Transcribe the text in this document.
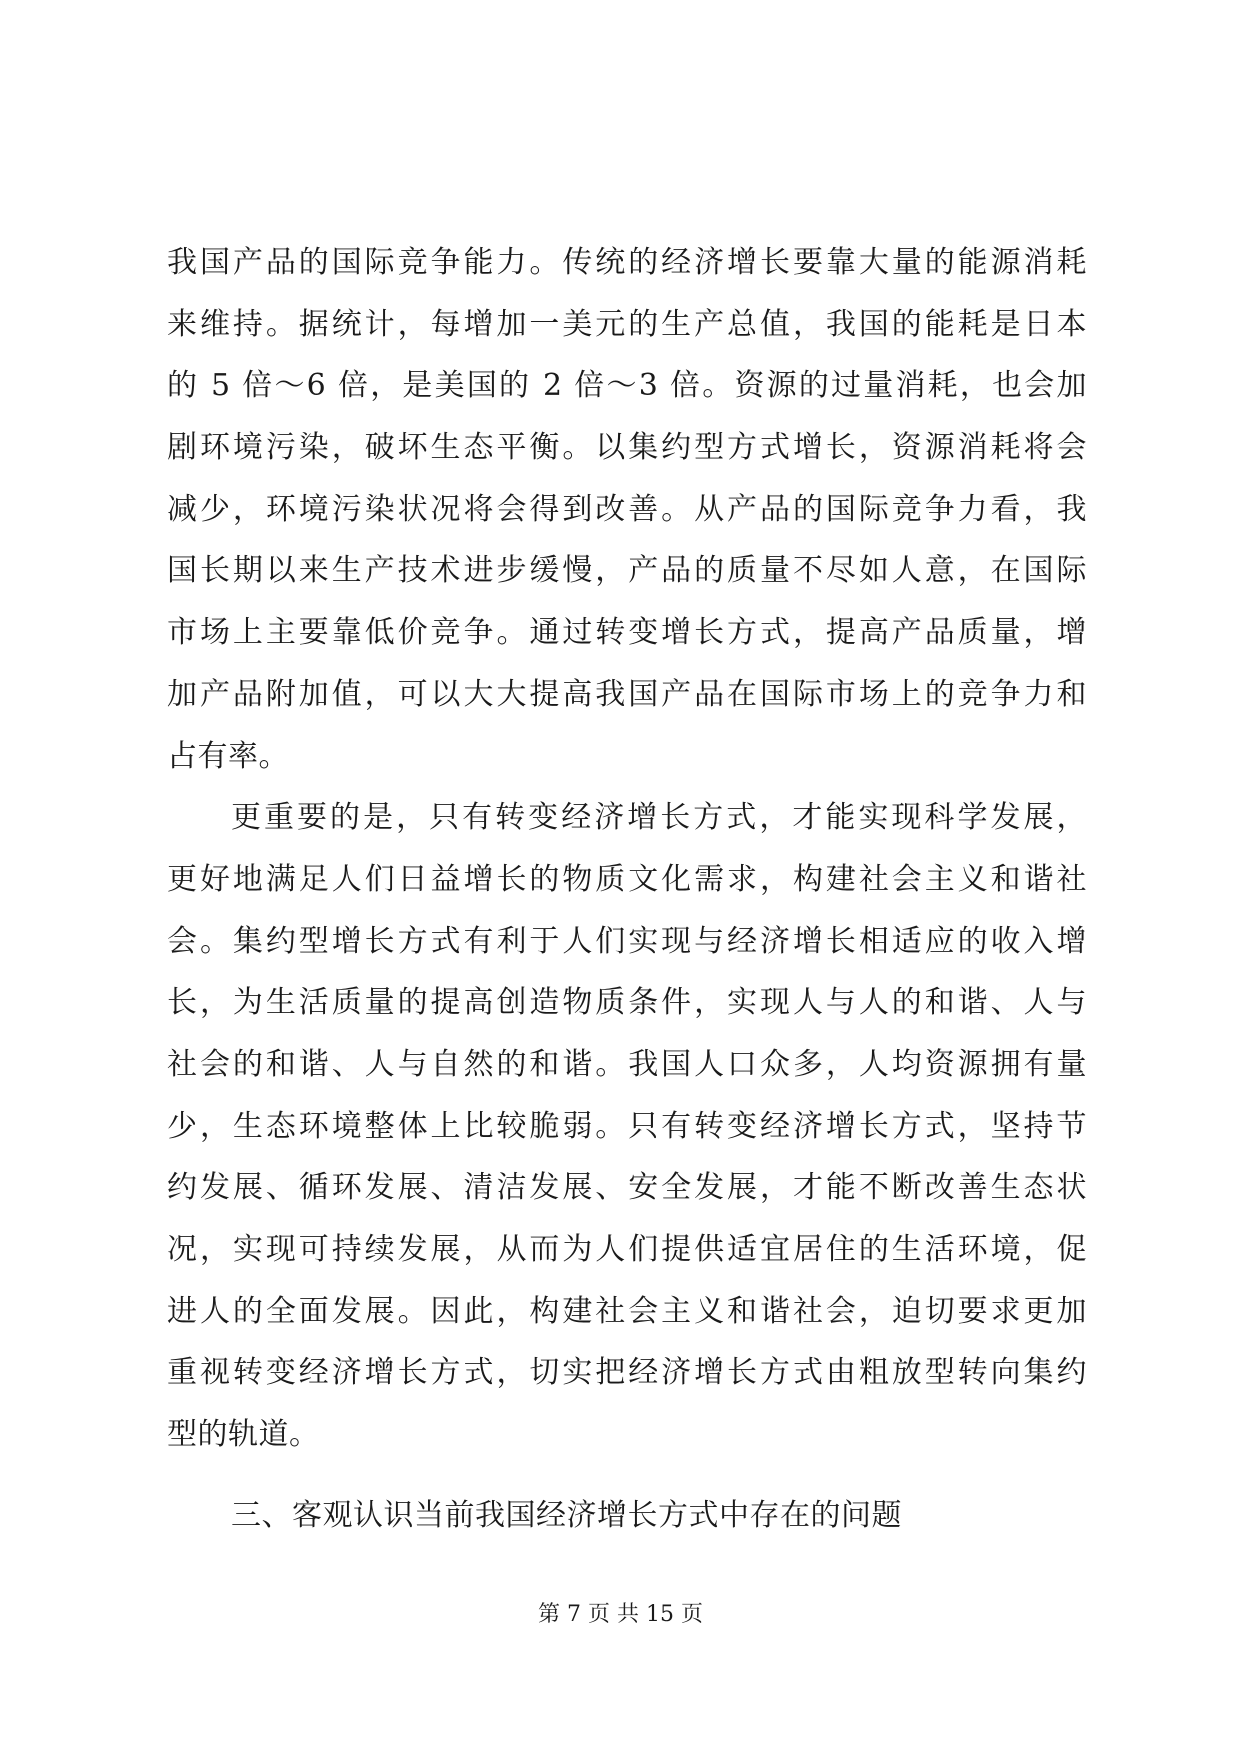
我国产品的国际竞争能力。传统的经济增长要靠大量的能源消耗
来维持。据统计，每增加一美元的生产总值，我国的能耗是日本
的 5 倍～6 倍，是美国的 2 倍～3 倍。资源的过量消耗，也会加
剧环境污染，破坏生态平衡。以集约型方式增长，资源消耗将会
减少，环境污染状况将会得到改善。从产品的国际竞争力看，我
国长期以来生产技术进步缓慢，产品的质量不尽如人意，在国际
市场上主要靠低价竞争。通过转变增长方式，提高产品质量，增
加产品附加值，可以大大提高我国产品在国际市场上的竞争力和
占有率。
更重要的是，只有转变经济增长方式，才能实现科学发展，
更好地满足人们日益增长的物质文化需求，构建社会主义和谐社
会。集约型增长方式有利于人们实现与经济增长相适应的收入增
长，为生活质量的提高创造物质条件，实现人与人的和谐、人与
社会的和谐、人与自然的和谐。我国人口众多，人均资源拥有量
少，生态环境整体上比较脆弱。只有转变经济增长方式，坚持节
约发展、循环发展、清洁发展、安全发展，才能不断改善生态状
况，实现可持续发展，从而为人们提供适宜居住的生活环境，促
进人的全面发展。因此，构建社会主义和谐社会，迫切要求更加
重视转变经济增长方式，切实把经济增长方式由粗放型转向集约
型的轨道。
三、客观认识当前我国经济增长方式中存在的问题
第 7 页 共 15 页
